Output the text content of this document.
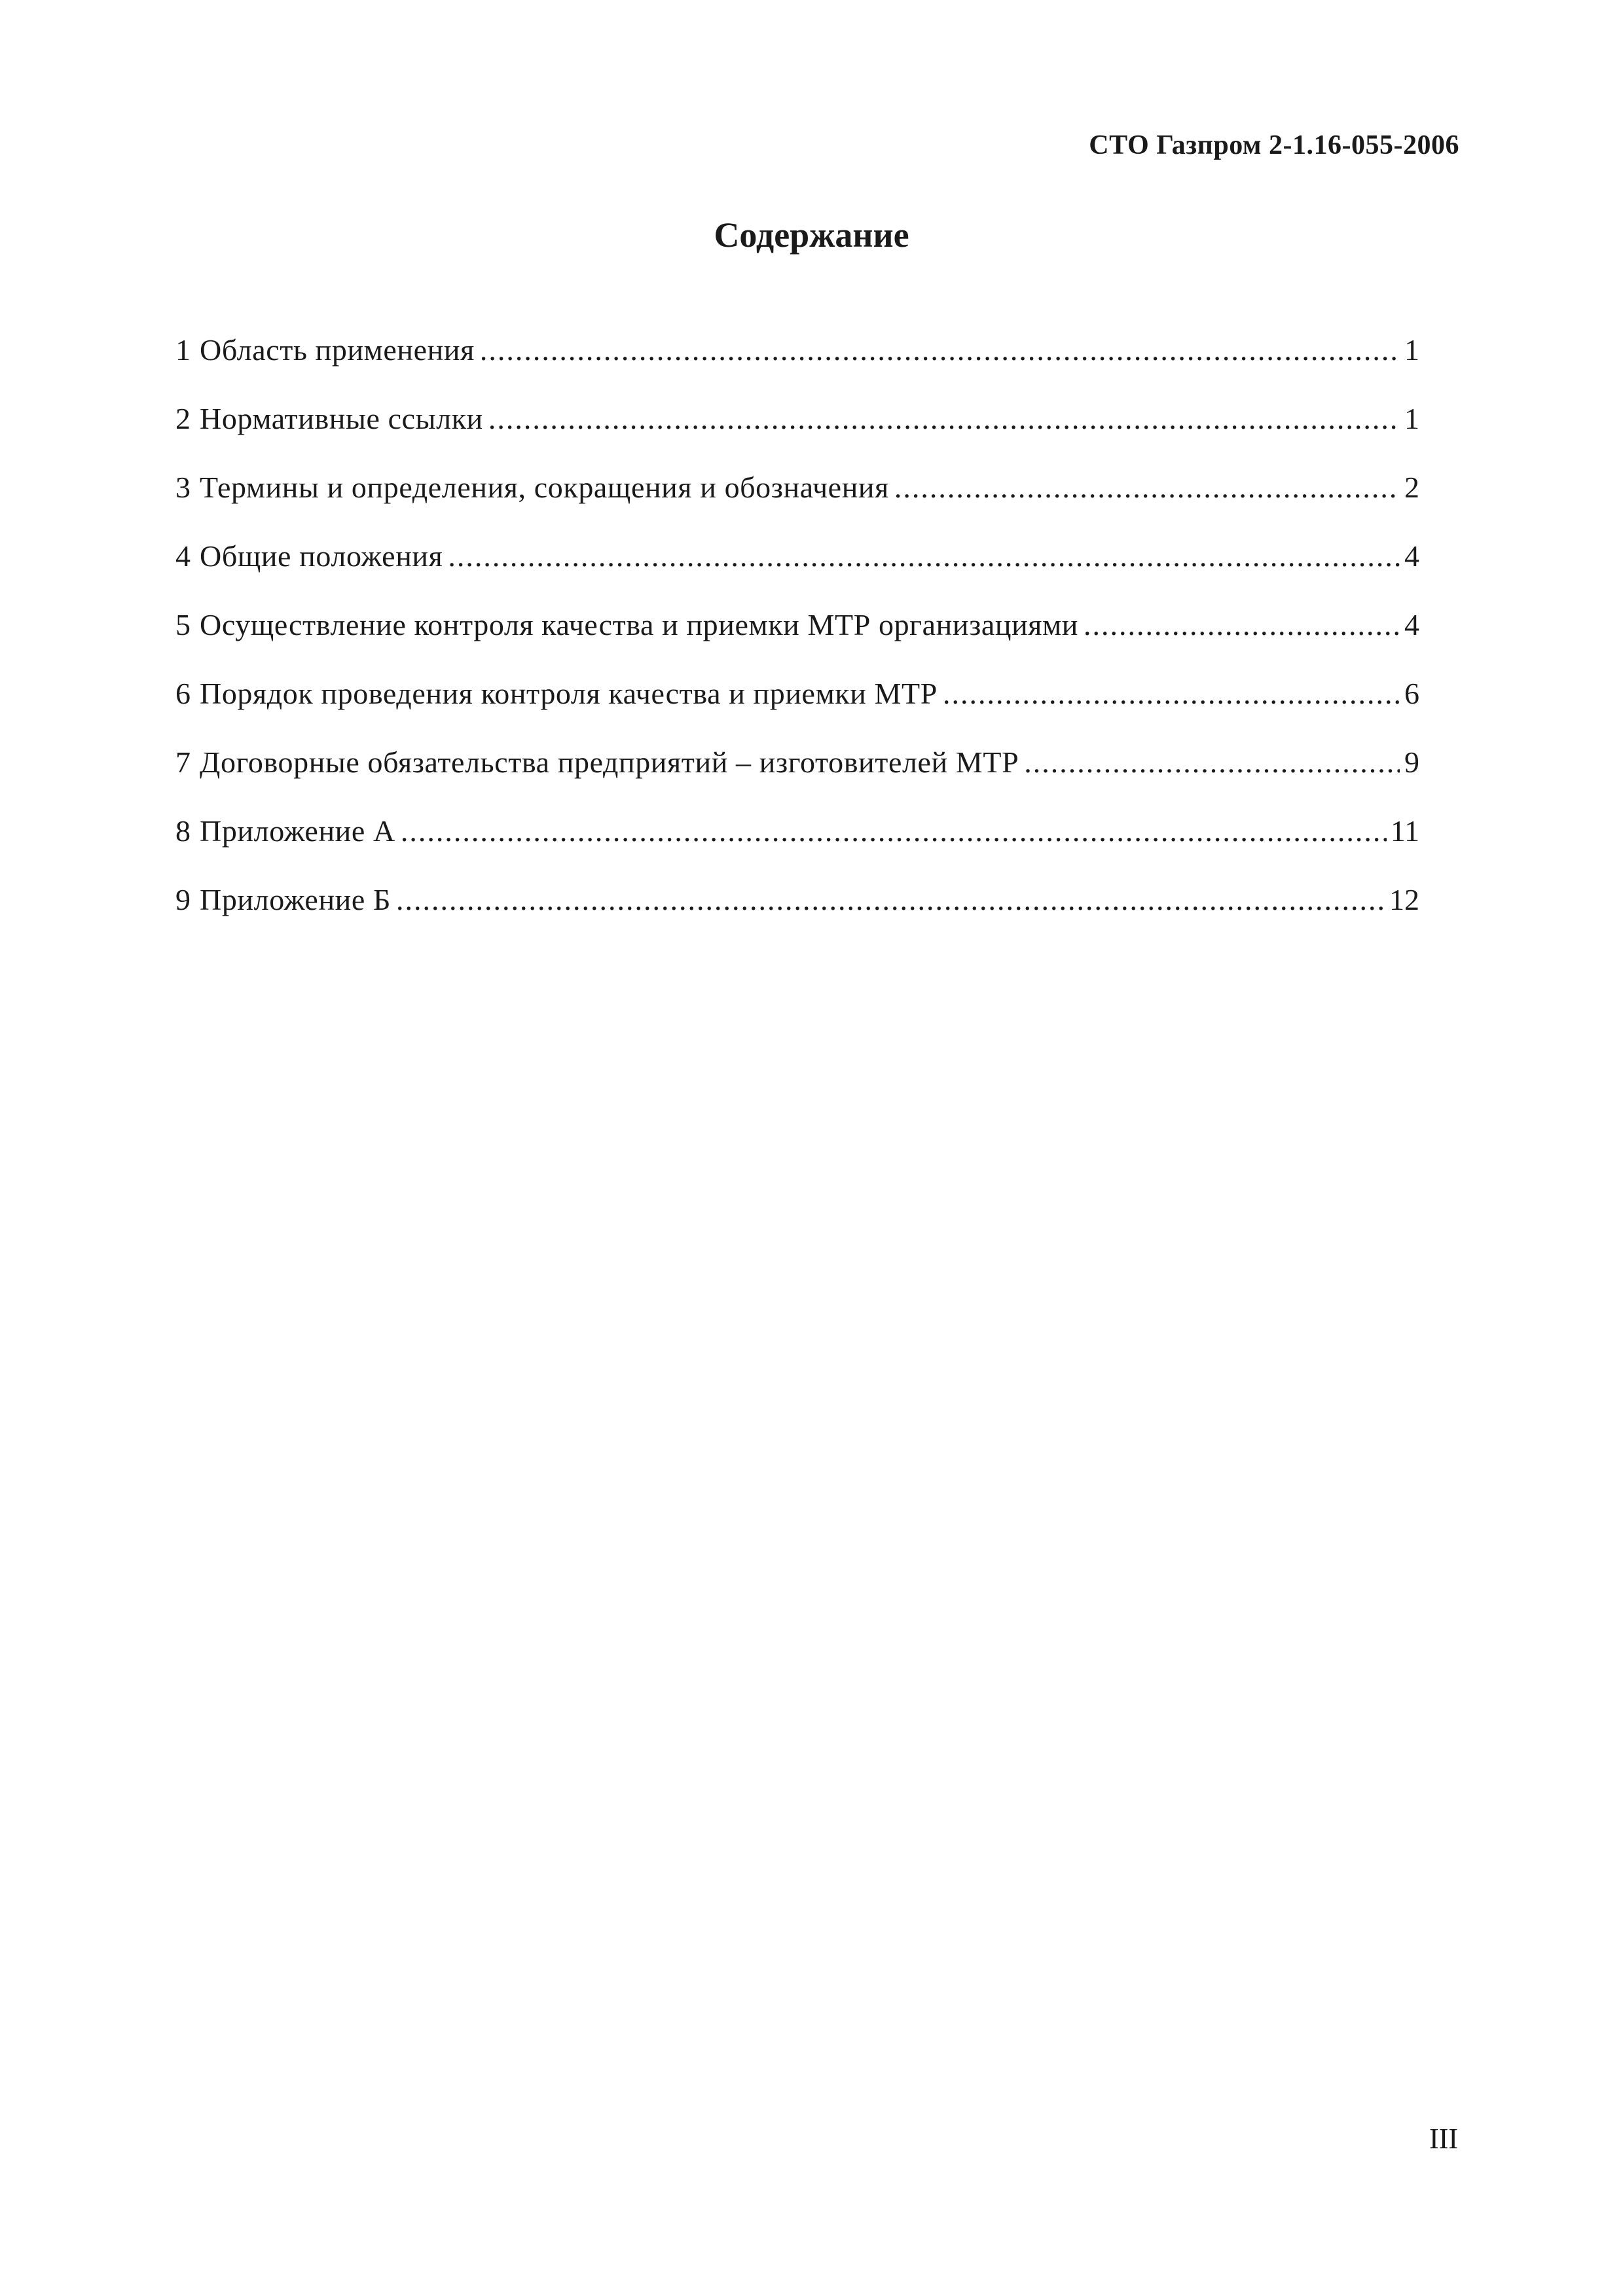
СТО Газпром 2-1.16-055-2006
Содержание
1 Область применения .....	1
2 Нормативные ссылки .....	1
3 Термины и определения, сокращения и обозначения .....	2
4 Общие положения .....	4
5 Осуществление контроля качества и приемки МТР организациями .....	4
6 Порядок проведения контроля качества и приемки МТР .....	6
7 Договорные обязательства предприятий – изготовителей МТР .....	9
8 Приложение А .....	11
9 Приложение Б .....	12
III
